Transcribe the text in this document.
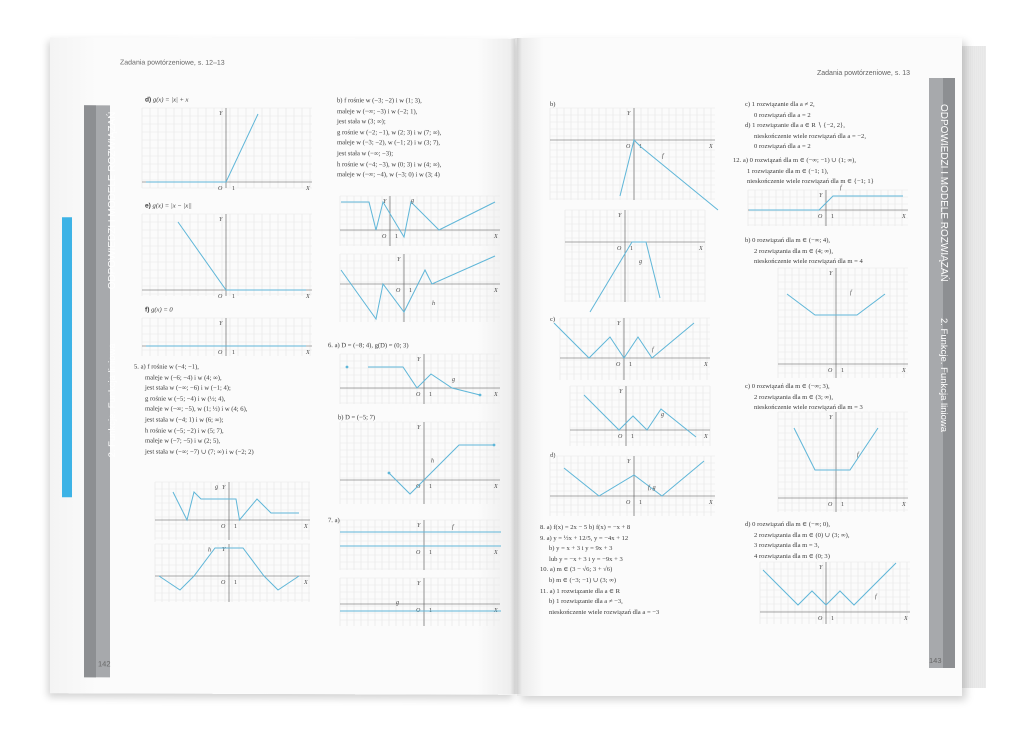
Zadania powtórzeniowe, s. 12–13
ODPOWIEDZI I MODELE ROZWIĄZAŃ
2. Funkcje. Funkcja liniowa
142
d) g(x) = |x| + x
e) g(x) = |x − |x||
f) g(x) = 0
5. a) f rośnie w (−4; −1),
maleje w (−6; −4) i w (4; ∞),
jest stała w (−∞; −6) i w (−1; 4);
g rośnie w (−5; −4) i w (½; 4),
maleje w (−∞; −5), w (1; ½) i w (4; 6),
jest stała w (−4; 1) i w (6; ∞);
h rośnie w (−5; −2) i w (5; 7),
maleje w (−7; −5) i w (2; 5),
jest stała w (−∞; −7) ∪ (7; ∞) i w (−2; 2)
b) f rośnie w (−3; −2) i w (1; 3),
maleje w (−∞; −3) i w (−2; 1),
jest stała w (3; ∞);
g rośnie w (−2; −1), w (2; 3) i w (7; ∞),
maleje w (−3; −2), w (−1; 2) i w (3; 7),
jest stała w (−∞; −3);
h rośnie w (−4; −3), w (0; 3) i w (4; ∞),
maleje w (−∞; −4), w (−3; 0) i w (3; 4)
6. a) D = (−8; 4), g(D) = (0; 3)
b) D = (−5; 7)
7. a)
Zadania powtórzeniowe, s. 13
ODPOWIEDZI I MODELE ROZWIĄZAŃ
2. Funkcje. Funkcja liniowa
143
b)
c)
d)
8. a) f(x) = 2x − 5 b) f(x) = −x + 8
9. a) y = ½x + 12/5, y = −4x + 12
b) y = x + 3 i y = 9x + 3
lub y = −x + 3 i y = −9x + 3
10. a) m ∈ (3 − √6; 3 + √6)
b) m ∈ (−3; −1) ∪ (3; ∞)
11. a) 1 rozwiązanie dla a ∈ R
b) 1 rozwiązanie dla a ≠ −3,
nieskończenie wiele rozwiązań dla a = −3
c) 1 rozwiązanie dla a ≠ 2,
0 rozwiązań dla a = 2
d) 1 rozwiązanie dla a ∈ R ∖ {−2, 2},
nieskończenie wiele rozwiązań dla a = −2,
0 rozwiązań dla a = 2
12. a) 0 rozwiązań dla m ∈ (−∞; −1) ∪ (1; ∞),
1 rozwiązanie dla m ∈ (−1; 1),
nieskończenie wiele rozwiązań dla m ∈ {−1; 1}
b) 0 rozwiązań dla m ∈ (−∞; 4),
2 rozwiązania dla m ∈ (4; ∞),
nieskończenie wiele rozwiązań dla m = 4
c) 0 rozwiązań dla m ∈ (−∞; 3),
2 rozwiązania dla m ∈ (3; ∞),
nieskończenie wiele rozwiązań dla m = 3
d) 0 rozwiązań dla m ∈ (−∞; 0),
2 rozwiązania dla m ∈ (0) ∪ (3; ∞),
3 rozwiązania dla m = 3,
4 rozwiązania dla m ∈ (0; 3)
X
Y
O 1
X
Y
O 1
X
Y
O 1
X
Y
O 1
g
X
Y
O 1
h
X
Y
O 1
g
X
Y
O 1
h
X
Y
O 1
g
X
Y
O 1
h
X
Y
O 1
f
X
Y
O 1
g
X
Y
O 1
f
X
Y
O 1
g
X
Y
O 1
f
X
Y
O 1
g
X
Y
O 1
f, g
X
Y
O 1
f
X
Y
O 1
f
X
Y
O 1
f
X
Y
O 1
f
